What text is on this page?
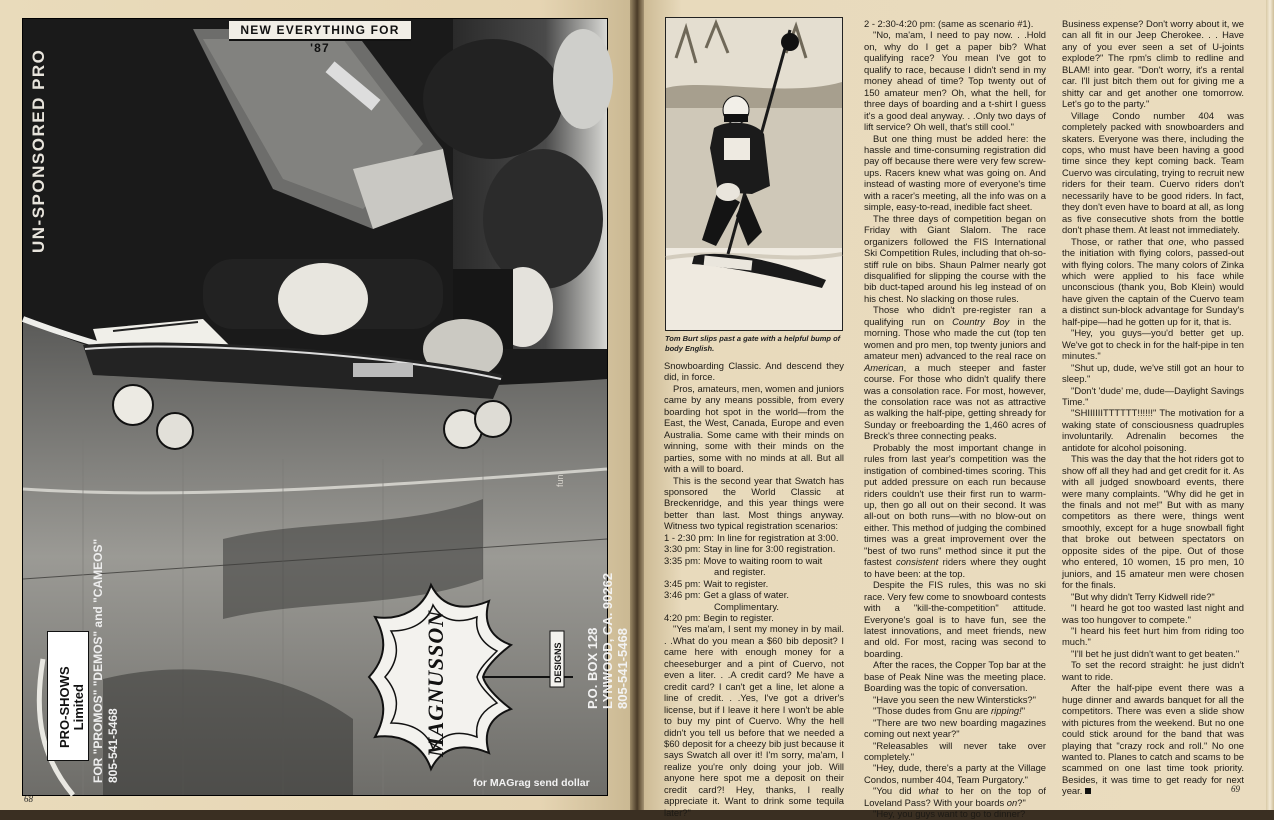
NEW EVERYTHING FOR '87
UN-SPONSORED PRO
fun
MAGNUSSON	DESIGNS P.O. BOX 128 LYNWOOD, CA. 90262 805-541-5468
PRO-SHOWS Limited FOR "PROMOS" "DEMOS" and "CAMEOS" 805-541-5468	for MAGrag send dollar
68
Tom Burt slips past a gate with a helpful bump of body English.

Snowboarding Classic. And descend they did, in force.

Pros, amateurs, men, women and juniors came by any means possible, from every boarding hot spot in the world—from the East, the West, Canada, Europe and even Australia. Some came with their minds on winning, some with their minds on the parties, some with no minds at all. But all with a will to board.

This is the second year that Swatch has sponsored the World Classic at Breckenridge, and this year things were better than last. Most things anyway. Witness two typical registration scenarios:

1 - 2:30 pm: In line for registration at 3:00.
3:30 pm: Stay in line for 3:00 registration.
3:35 pm: Move to waiting room to wait
and register.
3:45 pm: Wait to register.
3:46 pm: Get a glass of water.
Complimentary.
4:20 pm: Begin to register.

"Yes ma'am, I sent my money in by mail. . .What do you mean a $60 bib deposit? I came here with enough money for a cheeseburger and a pint of Cuervo, not even a liter. . .A credit card? Me have a credit card? I can't get a line, let alone a line of credit. . .Yes, I've got a driver's license, but if I leave it here I won't be able to buy my pint of Cuervo. Why the hell didn't you tell us before that we needed a $60 deposit for a cheezy bib just because it says Swatch all over it! I'm sorry, ma'am, I realize you're only doing your job. Will anyone here spot me a deposit on their credit card?! Hey, thanks, I really appreciate it. Want to drink some tequila later?"

2 - 2:30-4:20 pm: (same as scenario #1).

"No, ma'am, I need to pay now. . .Hold on, why do I get a paper bib? What qualifying race? You mean I've got to qualify to race, because I didn't send in my money ahead of time? Top twenty out of 150 amateur men? Oh, what the hell, for three days of boarding and a t-shirt I guess it's a good deal anyway. . .Only two days of lift service? Oh well, that's still cool."

But one thing must be added here: the hassle and time-consuming registration did pay off because there were very few screw-ups. Racers knew what was going on. And instead of wasting more of everyone's time with a racer's meeting, all the info was on a simple, easy-to-read, inedible fact sheet.

The three days of competition began on Friday with Giant Slalom. The race organizers followed the FIS International Ski Competition Rules, including that oh-so-stiff rule on bibs. Shaun Palmer nearly got disqualified for slipping the course with the bib duct-taped around his leg instead of on his chest. No slacking on those rules.

Those who didn't pre-register ran a qualifying run on Country Boy in the morning. Those who made the cut (top ten women and pro men, top twenty juniors and amateur men) advanced to the real race on American, a much steeper and faster course. For those who didn't qualify there was a consolation race. For most, however, the consolation race was not as attractive as walking the half-pipe, getting shready for Sunday or freeboarding the 1,460 acres of Breck's three connecting peaks.

Probably the most important change in rules from last year's competition was the instigation of combined-times scoring. This put added pressure on each run because riders couldn't use their first run to warm-up, then go all out on their second. It was all-out on both runs—with no blow-out on either. This method of judging the combined times was a great improvement over the "best of two runs" method since it put the fastest consistent riders where they ought to have been: at the top.

Despite the FIS rules, this was no ski race. Very few come to snowboard contests with a "kill-the-competition" attitude. Everyone's goal is to have fun, see the latest innovations, and meet friends, new and old. For most, racing was second to boarding.

After the races, the Copper Top bar at the base of Peak Nine was the meeting place. Boarding was the topic of conversation.

"Have you seen the new Wintersticks?"

"Those dudes from Gnu are ripping!"

"There are two new boarding magazines coming out next year?"

"Releasables will never take over completely."

"Hey, dude, there's a party at the Village Condos, number 404, Team Purgatory."

"You did what to her on the top of Loveland Pass? With your boards on?"

"Hey, you guys want to go to dinner?

Business expense? Don't worry about it, we can all fit in our Jeep Cherokee. . . Have any of you ever seen a set of U-joints explode?" The rpm's climb to redline and BLAM! into gear. "Don't worry, it's a rental car. I'll just bitch them out for giving me a shitty car and get another one tomorrow. Let's go to the party."

Village Condo number 404 was completely packed with snowboarders and skaters. Everyone was there, including the cops, who must have been having a good time since they kept coming back. Team Cuervo was circulating, trying to recruit new riders for their team. Cuervo riders don't necessarily have to be good riders. In fact, they don't even have to board at all, as long as five consecutive shots from the bottle don't phase them. At least not immediately.

Those, or rather that one, who passed the initiation with flying colors, passed-out with flying colors. The many colors of Zinka which were applied to his face while unconscious (thank you, Bob Klein) would have given the captain of the Cuervo team a distinct sun-block advantage for Sunday's half-pipe—had he gotten up for it, that is.

"Hey, you guys—you'd better get up. We've got to check in for the half-pipe in ten minutes."

"Shut up, dude, we've still got an hour to sleep."

"Don't 'dude' me, dude—Daylight Savings Time."

"SHIIIIIITTTTTT!!!!!!" The motivation for a waking state of consciousness quadruples involuntarily. Adrenalin becomes the antidote for alcohol poisoning.

This was the day that the hot riders got to show off all they had and get credit for it. As with all judged snowboard events, there were many complaints. "Why did he get in the finals and not me!" But with as many competitors as there were, things went smoothly, except for a huge snowball fight that broke out between spectators on opposite sides of the pipe. Out of those who entered, 10 women, 15 pro men, 10 juniors, and 15 amateur men were chosen for the finals.

"But why didn't Terry Kidwell ride?"

"I heard he got too wasted last night and was too hungover to compete."

"I heard his feet hurt him from riding too much."

"I'll bet he just didn't want to get beaten."

To set the record straight: he just didn't want to ride.

After the half-pipe event there was a huge dinner and awards banquet for all the competitors. There was even a slide show with pictures from the weekend. But no one could stick around for the band that was playing that "crazy rock and roll." No one wanted to. Planes to catch and scams to be scammed on one last time took priority. Besides, it was time to get ready for next year.	69
